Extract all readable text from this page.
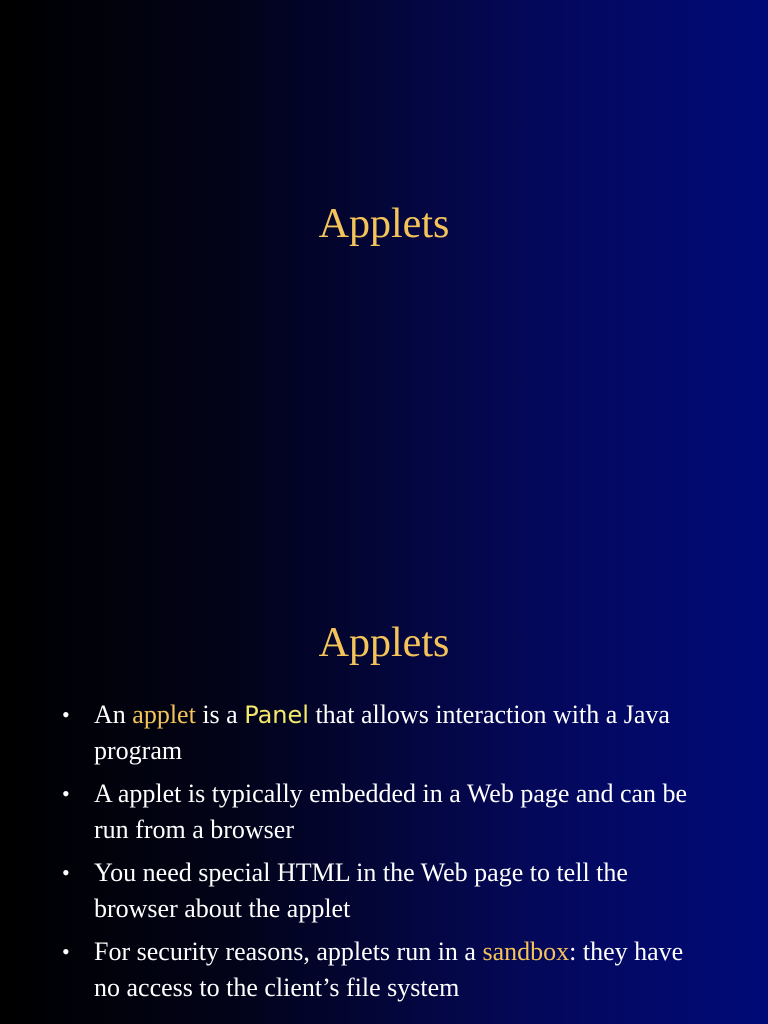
Applets
Applets
• An applet is a Panel that allows interaction with a Java program
• A applet is typically embedded in a Web page and can be run from a browser
• You need special HTML in the Web page to tell the browser about the applet
• For security reasons, applets run in a sandbox: they have no access to the client’s file system
